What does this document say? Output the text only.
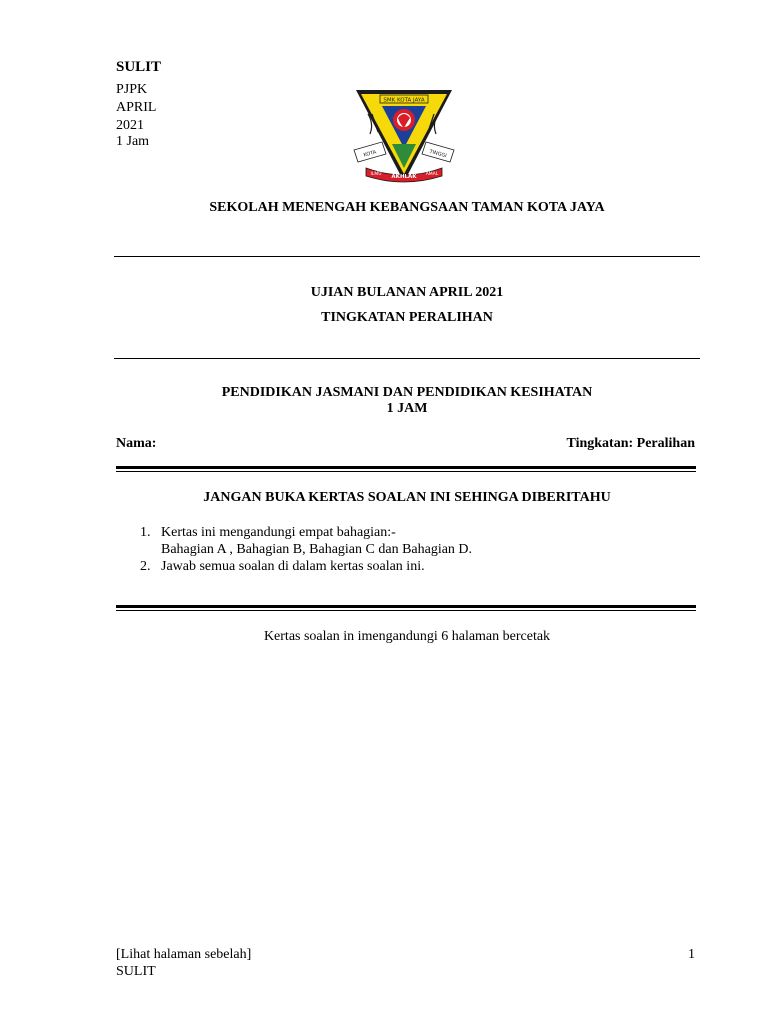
SULIT
PJPK
APRIL
2021
1 Jam
SMK KOTA JAYA
KOTA	TINGGI
AKHLAK
ILMU	AMAL
SEKOLAH MENENGAH KEBANGSAAN TAMAN KOTA JAYA
UJIAN BULANAN APRIL 2021
TINGKATAN PERALIHAN
PENDIDIKAN JASMANI DAN PENDIDIKAN KESIHATAN
1 JAM
Nama:	Tingkatan: Peralihan
JANGAN BUKA KERTAS SOALAN INI SEHINGA DIBERITAHU
1. Kertas ini mengandungi empat bahagian:-
Bahagian A , Bahagian B, Bahagian C dan Bahagian D.
2. Jawab semua soalan di dalam kertas soalan ini.
Kertas soalan in imengandungi 6 halaman bercetak
[Lihat halaman sebelah]
SULIT
1
